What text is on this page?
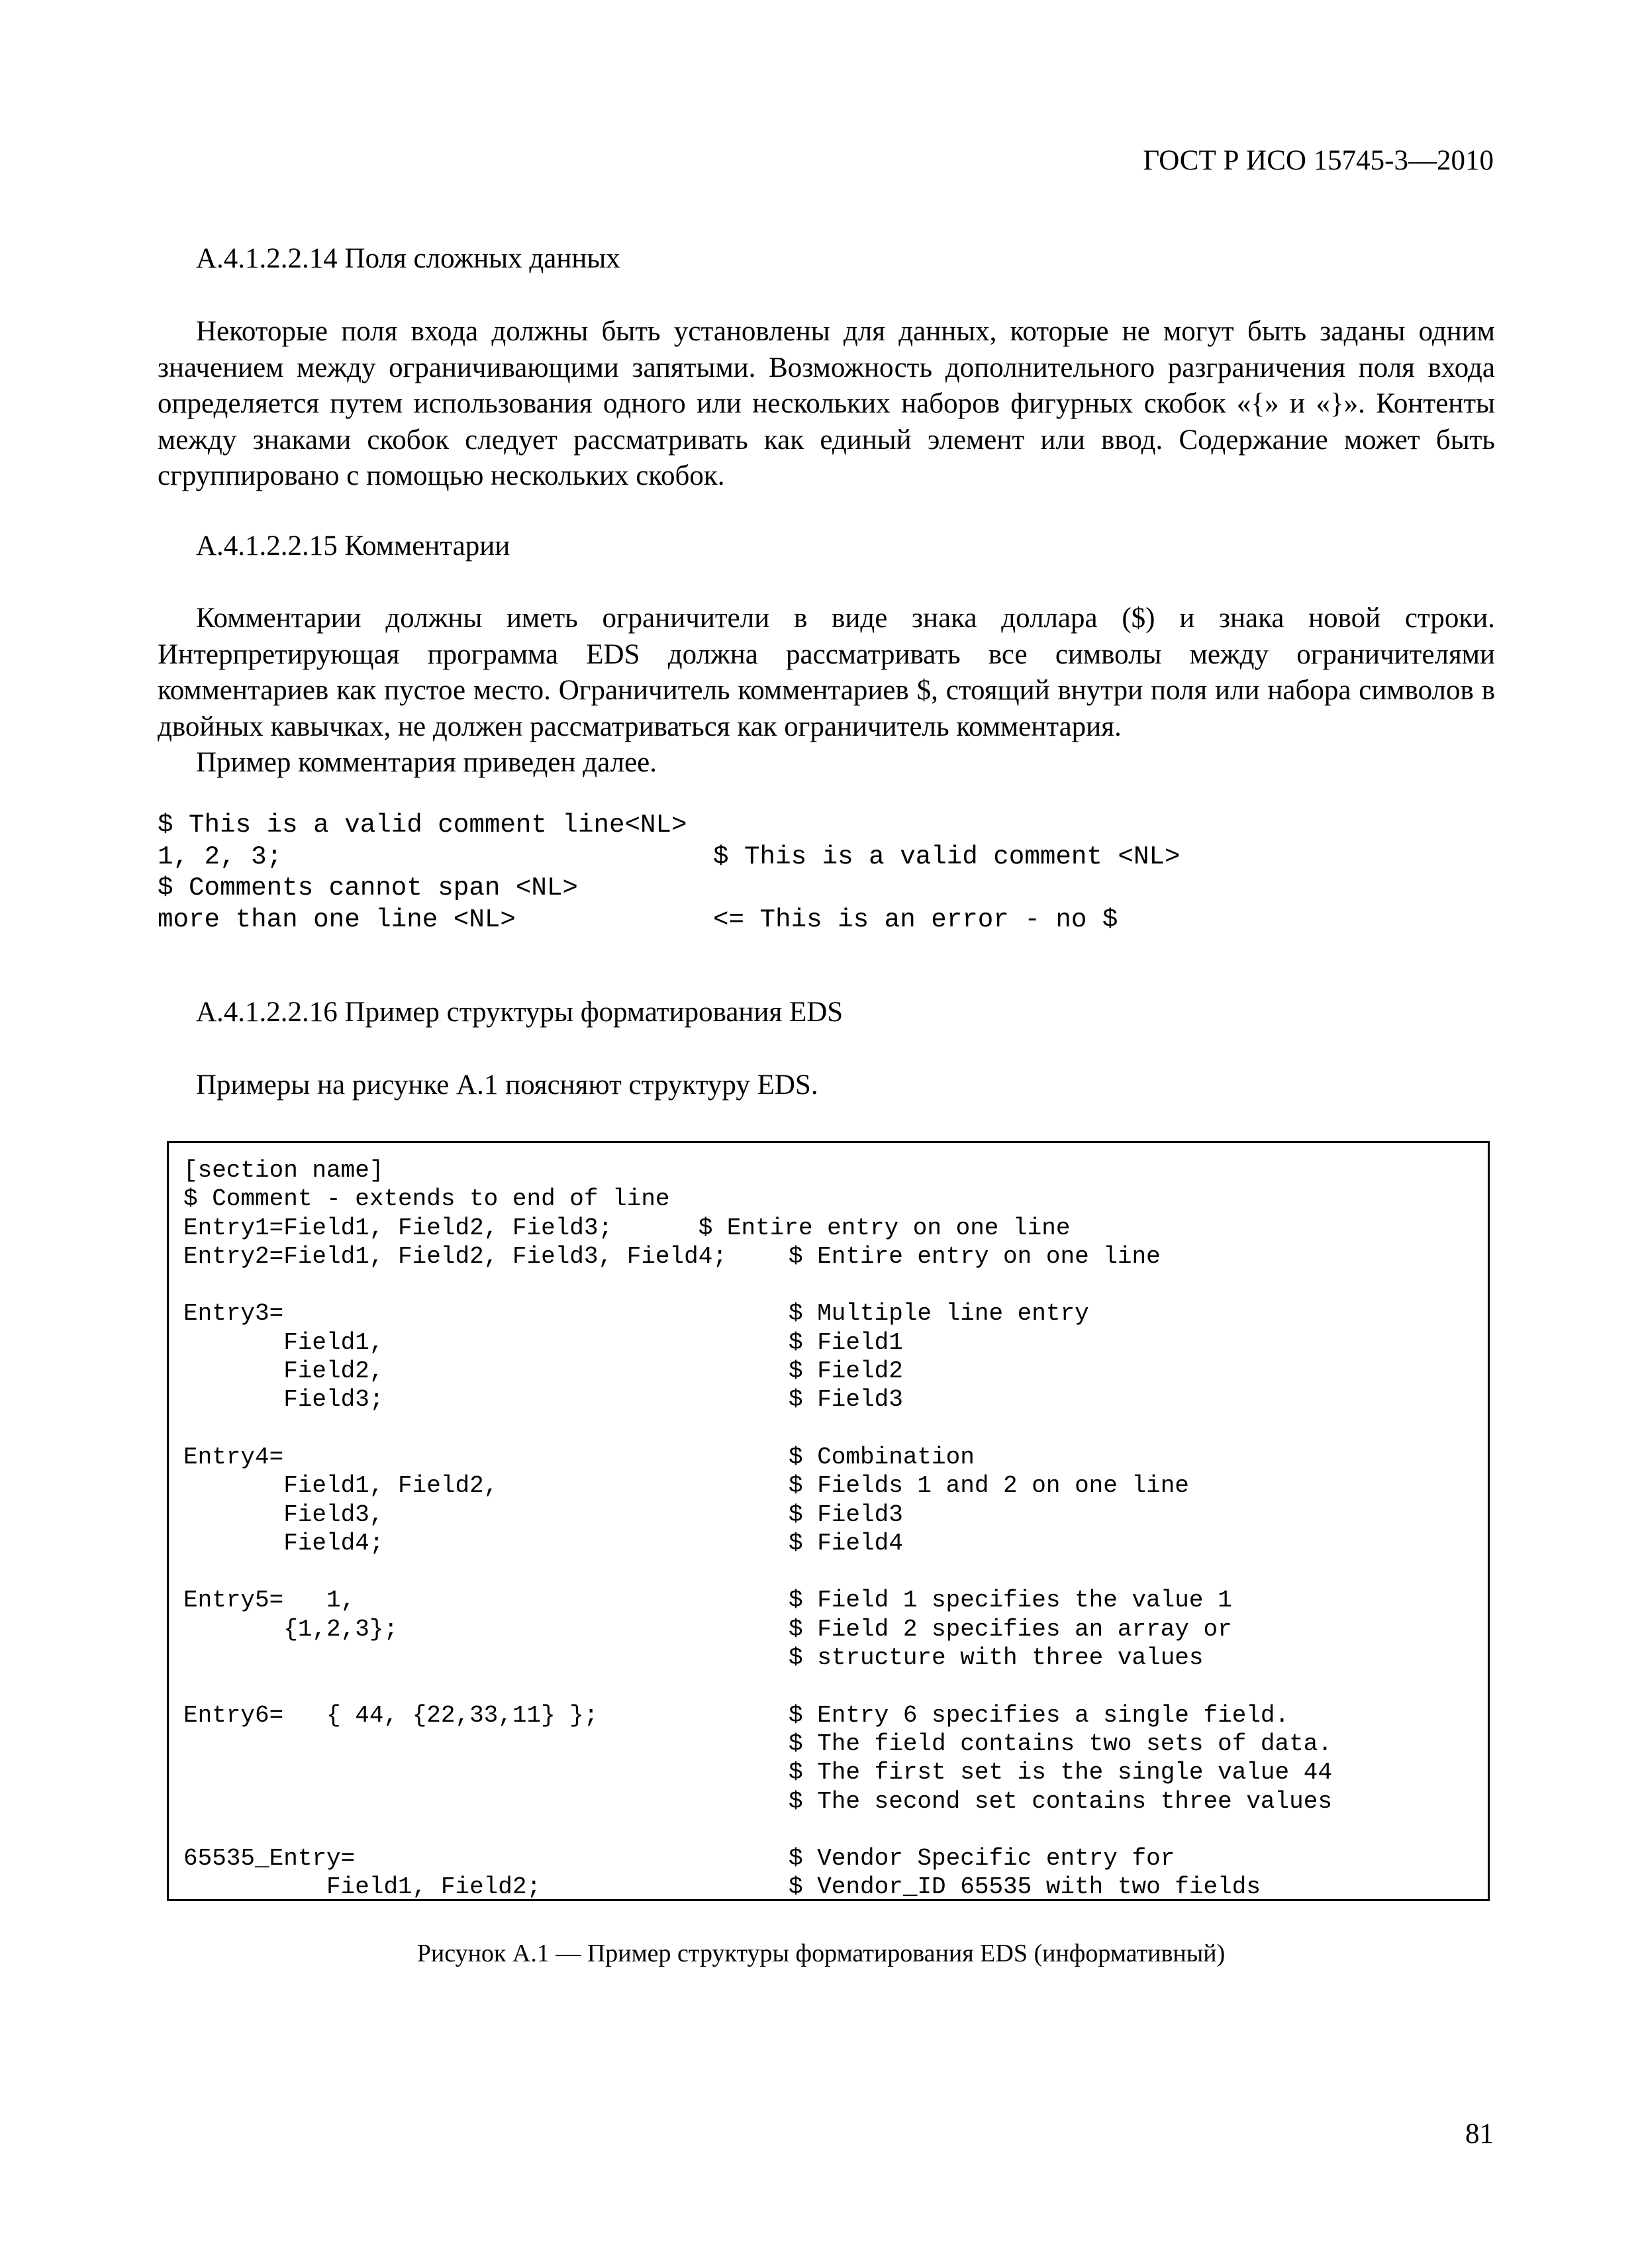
ГОСТ Р ИСО 15745-3—2010
А.4.1.2.2.14 Поля сложных данных

Некоторые поля входа должны быть установлены для данных, которые не могут быть заданы одним значением между ограничивающими запятыми. Возможность дополнительного разграничения поля входа определяется путем использования одного или нескольких наборов фигурных скобок «{» и «}». Контенты между знаками скобок следует рассматривать как единый элемент или ввод. Содержание может быть сгруппировано с помощью нескольких скобок.

А.4.1.2.2.15 Комментарии

Комментарии должны иметь ограничители в виде знака доллара ($) и знака новой строки. Интерпретирующая программа EDS должна рассматривать все символы между ограничителями комментариев как пустое место. Ограничитель комментариев $, стоящий внутри поля или набора символов в двойных кавычках, не должен рассматриваться как ограничитель комментария.

Пример комментария приведен далее.

$ This is a valid comment line<NL>
1, 2, 3;
$ Comments cannot span <NL>
more than one line <NL>

$ This is a valid comment <NL>

<= This is an error - no $
А.4.1.2.2.16 Пример структуры форматирования EDS

Примеры на рисунке А.1 поясняют структуру EDS.

[section name]
$ Comment - extends to end of line
Entry1=Field1, Field2, Field3;      $ Entire entry on one line
Entry2=Field1, Field2, Field3, Field4;

Entry3=
Field1,
Field2,
Field3;

Entry4=
Field1, Field2,
Field3,
Field4;

Entry5=   1,
{1,2,3};

Entry6=   { 44, {22,33,11} };

65535_Entry=
Field1, Field2;

$ Entire entry on one line

$ Multiple line entry
$ Field1
$ Field2
$ Field3

$ Combination
$ Fields 1 and 2 on one line
$ Field3
$ Field4

$ Field 1 specifies the value 1
$ Field 2 specifies an array or
$ structure with three values

$ Entry 6 specifies a single field.
$ The field contains two sets of data.
$ The first set is the single value 44
$ The second set contains three values

$ Vendor Specific entry for
$ Vendor_ID 65535 with two fields
Рисунок А.1 — Пример структуры форматирования EDS (информативный)
81
